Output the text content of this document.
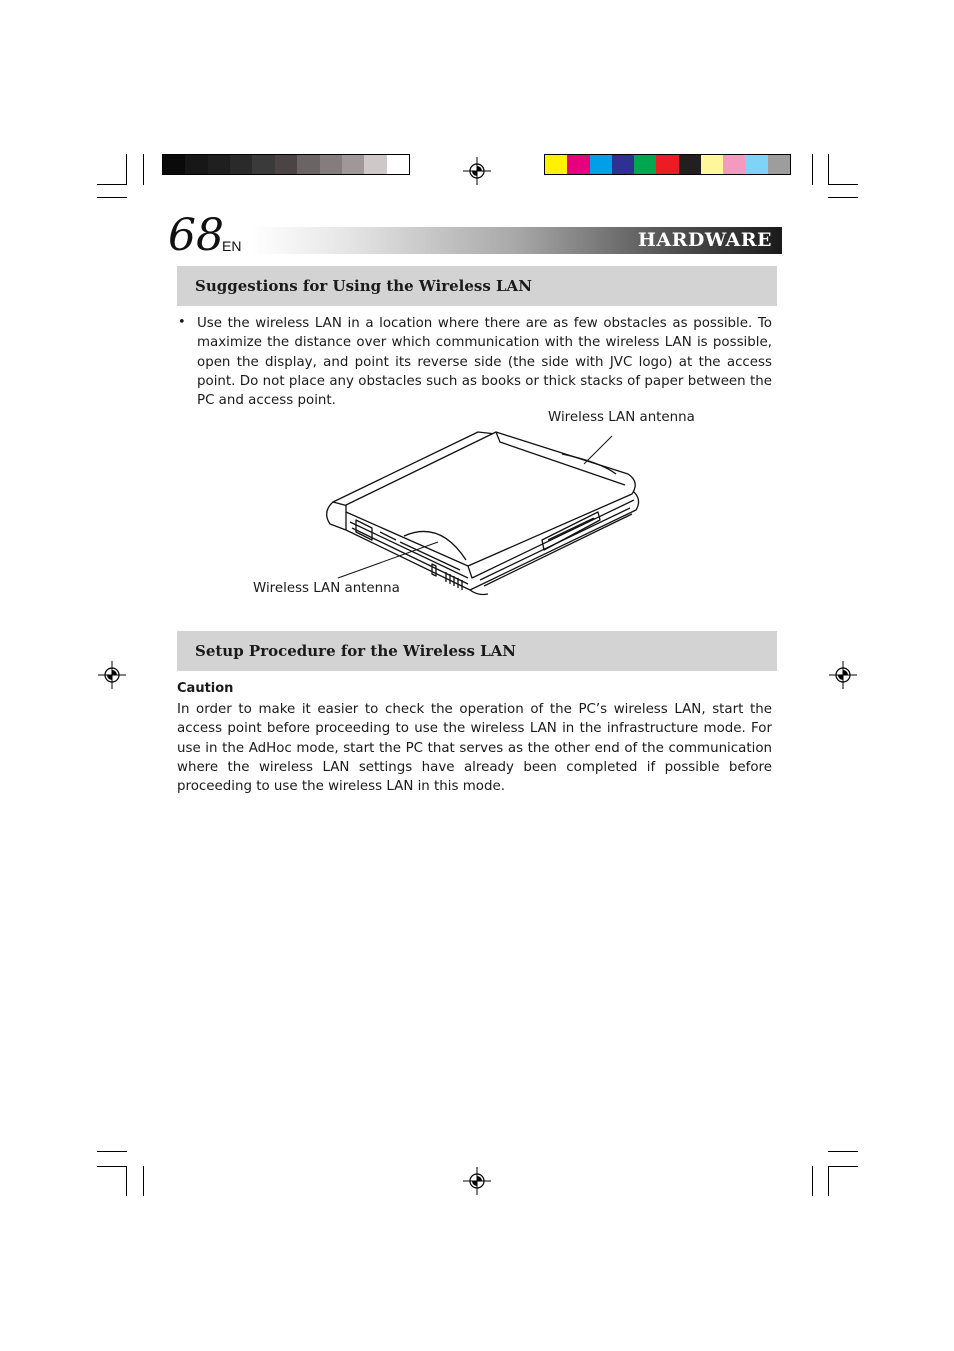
68
EN	HARDWARE
Suggestions for Using the Wireless LAN
• Use the wireless LAN in a location where there are as few obstacles as possible. To maximize the distance over which communication with the wireless LAN is possible, open the display, and point its reverse side (the side with JVC logo) at the access point. Do not place any obstacles such as books or thick stacks of paper between the PC and access point.
Wireless LAN antenna
Wireless LAN antenna
Setup Procedure for the Wireless LAN
Caution
In order to make it easier to check the operation of the PC’s wireless LAN, start the access point before proceeding to use the wireless LAN in the infrastructure mode. For use in the AdHoc mode, start the PC that serves as the other end of the communication where the wireless LAN settings have already been completed if possible before proceeding to use the wireless LAN in this mode.
